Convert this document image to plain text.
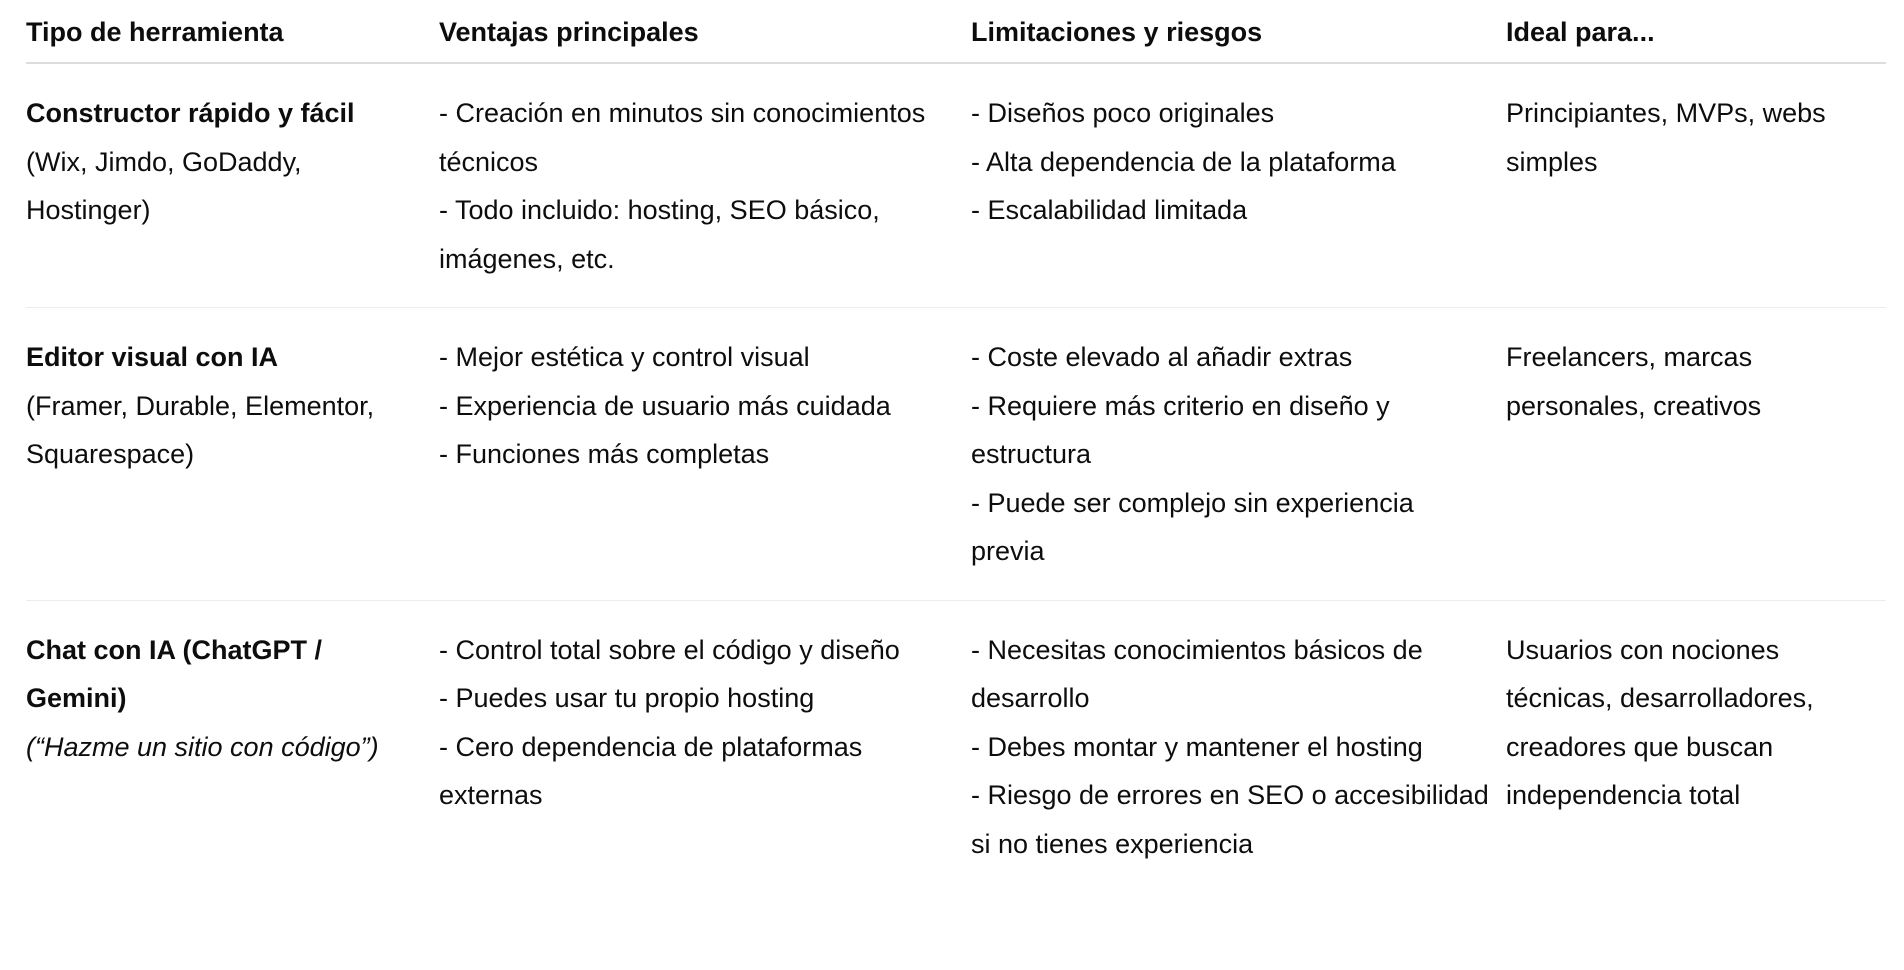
Tipo de herramienta	Ventajas principales	Limitaciones y riesgos	Ideal para...

Constructor rápido y fácil
(Wix, Jimdo, GoDaddy, Hostinger)	- Creación en minutos sin conocimientos técnicos
- Todo incluido: hosting, SEO básico, imágenes, etc.	- Diseños poco originales
- Alta dependencia de la plataforma
- Escalabilidad limitada	Principiantes, MVPs, webs simples

Editor visual con IA
(Framer, Durable, Elementor, Squarespace)	- Mejor estética y control visual
- Experiencia de usuario más cuidada
- Funciones más completas	- Coste elevado al añadir extras
- Requiere más criterio en diseño y estructura
- Puede ser complejo sin experiencia previa	Freelancers, marcas personales, creativos

Chat con IA (ChatGPT / Gemini)
(“Hazme un sitio con código”)	- Control total sobre el código y diseño
- Puedes usar tu propio hosting
- Cero dependencia de plataformas externas	- Necesitas conocimientos básicos de desarrollo
- Debes montar y mantener el hosting
- Riesgo de errores en SEO o accesibilidad si no tienes experiencia	Usuarios con nociones técnicas, desarrolladores, creadores que buscan independencia total
